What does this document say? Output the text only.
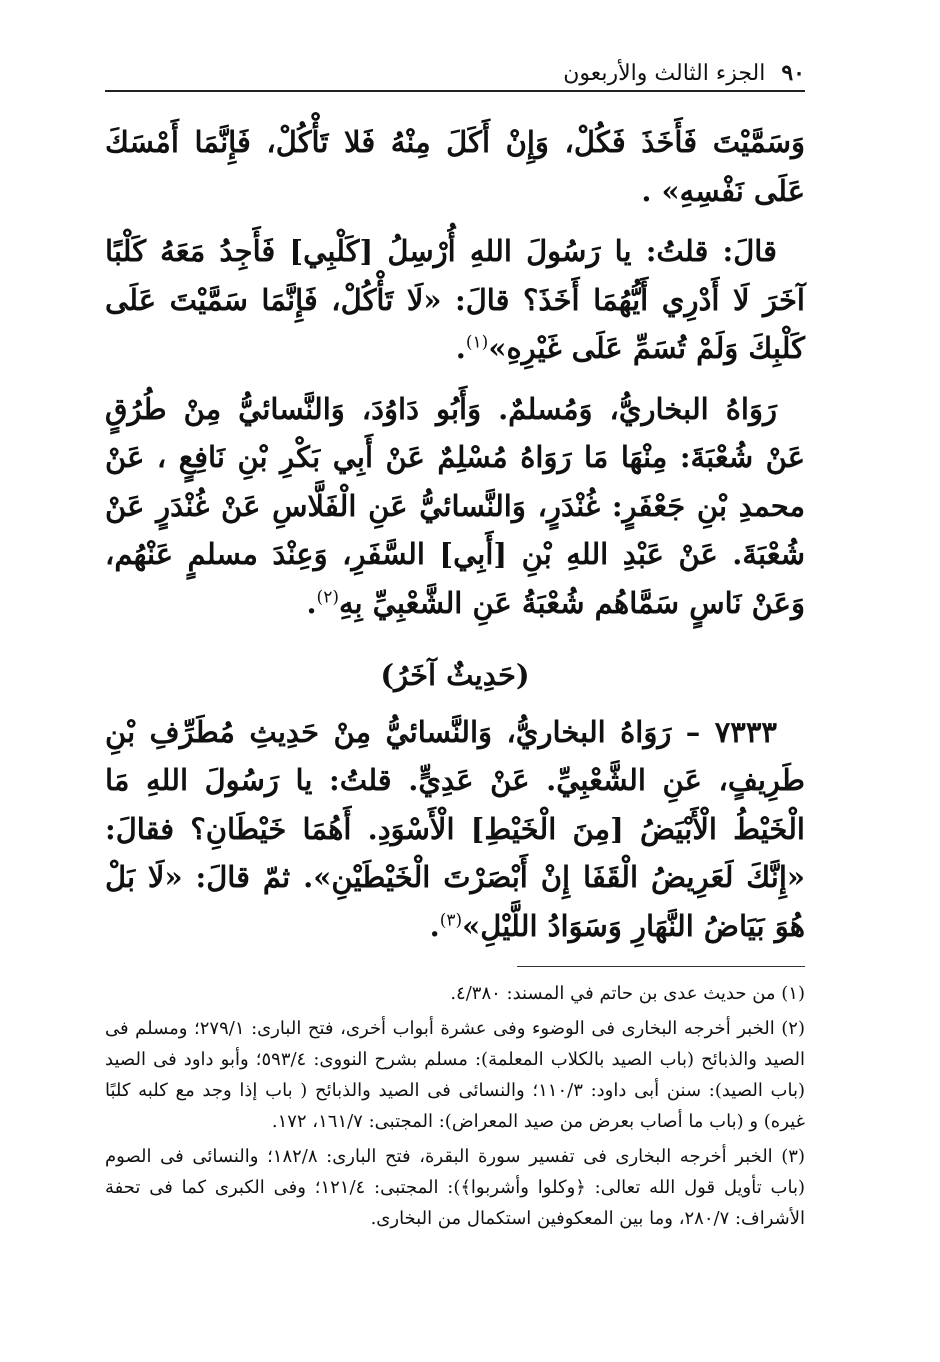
٩٠
الجزء الثالث والأربعون

وَسَمَّيْتَ فَأَخَذَ فَكُلْ، وَإِنْ أَكَلَ مِنْهُ فَلا تَأْكُلْ، فَإِنَّمَا أَمْسَكَ عَلَى نَفْسِهِ» .

قالَ: قلتُ: يا رَسُولَ اللهِ أُرْسِلُ [كَلْبِي] فَأَجِدُ مَعَهُ كَلْبًا آخَرَ لَا أَدْرِي أَيُّهُمَا أَخَذَ؟ قالَ: «لَا تَأْكُلْ، فَإِنَّمَا سَمَّيْتَ عَلَى كَلْبِكَ وَلَمْ تُسَمِّ عَلَى غَيْرِهِ»$^{(١)}$.

رَوَاهُ البخاريُّ، وَمُسلمٌ. وَأَبُو دَاوُدَ، وَالنَّسائيُّ مِنْ طُرُقٍ عَنْ شُعْبَةَ: مِنْهَا مَا رَوَاهُ مُسْلِمٌ عَنْ أَبِي بَكْرِ بْنِ نَافِعٍ ، عَنْ محمدِ بْنِ جَعْفَرٍ: غُنْدَرٍ، وَالنَّسائيُّ عَنِ الْفَلَّاسِ عَنْ غُنْدَرٍ عَنْ شُعْبَةَ. عَنْ عَبْدِ اللهِ بْنِ [أَبِي] السَّفَرِ، وَعِنْدَ مسلمٍ عَنْهُم، وَعَنْ نَاسٍ سَمَّاهُم شُعْبَةُ عَنِ الشَّعْبِيِّ بِهِ$^{(٢)}$.

(حَدِيثٌ آخَرُ)

٧٣٣٣ – رَوَاهُ البخاريُّ، وَالنَّسائيُّ مِنْ حَدِيثِ مُطَرِّفِ بْنِ طَرِيفٍ، عَنِ الشَّعْبِيِّ. عَنْ عَدِيٍّ. قلتُ: يا رَسُولَ اللهِ مَا الْخَيْطُ الْأَبْيَضُ [مِنَ الْخَيْطِ] الْأَسْوَدِ. أَهُمَا خَيْطَانِ؟ فقالَ: «إِنَّكَ لَعَرِيضُ الْقَفَا إِنْ أَبْصَرْتَ الْخَيْطَيْنِ». ثمّ قالَ: «لَا بَلْ هُوَ بَيَاضُ النَّهَارِ وَسَوَادُ اللَّيْلِ»$^{(٣)}$.

(١) من حديث عدى بن حاتم في المسند: ٤/٣٨٠.

(٢) الخبر أخرجه البخارى فى الوضوء وفى عشرة أبواب أخرى، فتح البارى: ٢٧٩/١؛ ومسلم فى الصيد والذبائح (باب الصيد بالكلاب المعلمة): مسلم بشرح النووى: ٥٩٣/٤؛ وأبو داود فى الصيد (باب الصيد): سنن أبى داود: ١١٠/٣؛ والنسائى فى الصيد والذبائح ( باب إذا وجد مع كلبه كلبًا غيره) و (باب ما أصاب بعرض من صيد المعراض): المجتبى: ١٦١/٧، ١٧٢.

(٣) الخبر أخرجه البخارى فى تفسير سورة البقرة، فتح البارى: ١٨٢/٨؛ والنسائى فى الصوم (باب تأويل قول الله تعالى: ﴿وكلوا وأشربوا﴾): المجتبى: ١٢١/٤؛ وفى الكبرى كما فى تحفة الأشراف: ٢٨٠/٧، وما بين المعكوفين استكمال من البخارى.
